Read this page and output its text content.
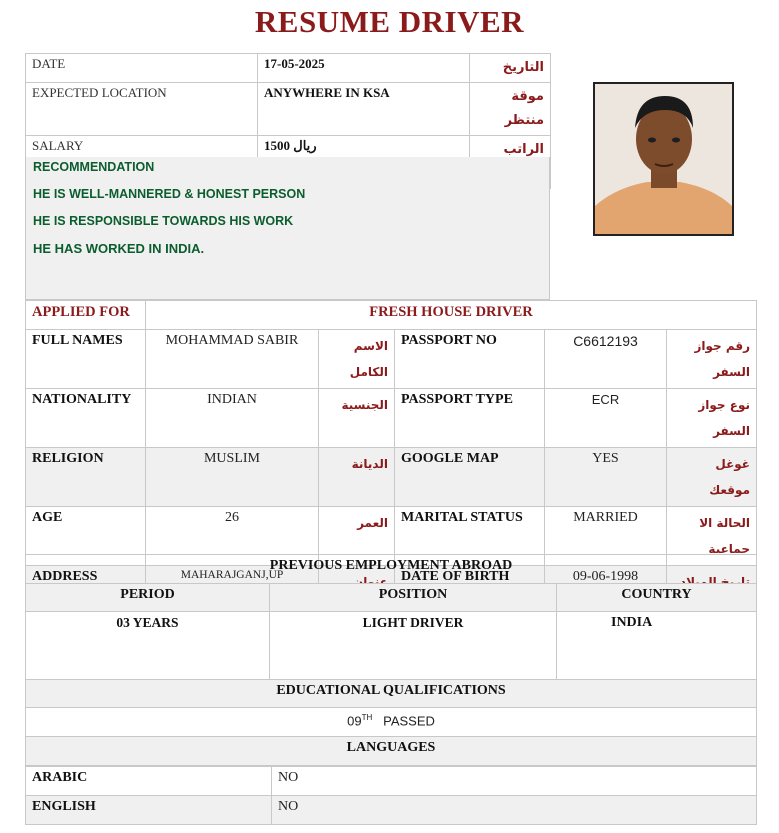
RESUME DRIVER
DATE	17-05-2025	التاريخ
EXPECTED LOCATION	ANYWHERE IN KSA	موقة منتظر
SALARY	1500 ريال	الراتب
RECOMMENDATION
HE IS WELL-MANNERED & HONEST PERSON
HE IS RESPONSIBLE TOWARDS HIS WORK
HE HAS WORKED IN INDIA.
APPLIED FOR	FRESH HOUSE DRIVER				
FULL NAMES	MOHAMMAD SABIR	الاسم الكامل	PASSPORT NO	C6612193	رقم جواز السفر
NATIONALITY	INDIAN	الجنسية	PASSPORT TYPE	ECR	نوع جواز السفر
RELIGION	MUSLIM	الديانة	GOOGLE MAP	YES	غوغل موقعك
AGE	26	العمر	MARITAL STATUS	MARRIED	الحالة الا جماعية
ADDRESS	MAHARAJGANJ,UP	عنوان	DATE OF BIRTH	09-06-1998	تاريخ الميلاد
PREVIOUS EMPLOYMENT ABROAD		
PERIOD	POSITION	COUNTRY
03 YEARS	LIGHT DRIVER	INDIA
EDUCATIONAL QUALIFICATIONS		
09TH PASSED		
LANGUAGES		
ARABIC	NO
ENGLISH	NO
